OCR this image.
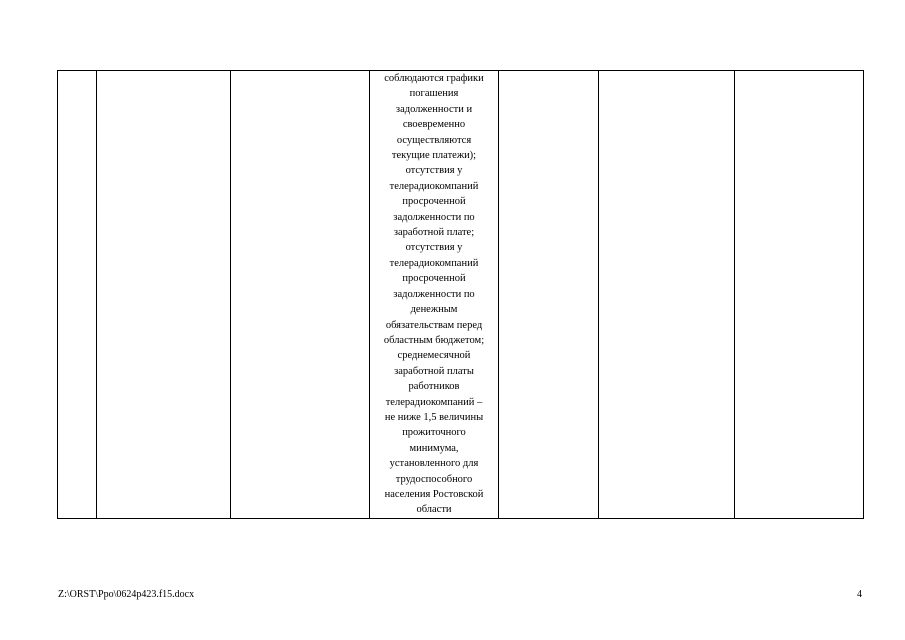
соблюдаются графики
погашения
задолженности и
своевременно
осуществляются
текущие платежи);
отсутствия у
телерадиокомпаний
просроченной
задолженности по
заработной плате;
отсутствия у
телерадиокомпаний
просроченной
задолженности по
денежным
обязательствам перед
областным бюджетом;
среднемесячной
заработной платы
работников
телерадиокомпаний –
не ниже 1,5 величины
прожиточного
минимума,
установленного для
трудоспособного
населения Ростовской
области

Z:\ORST\Ppo\0624p423.f15.docx	4
